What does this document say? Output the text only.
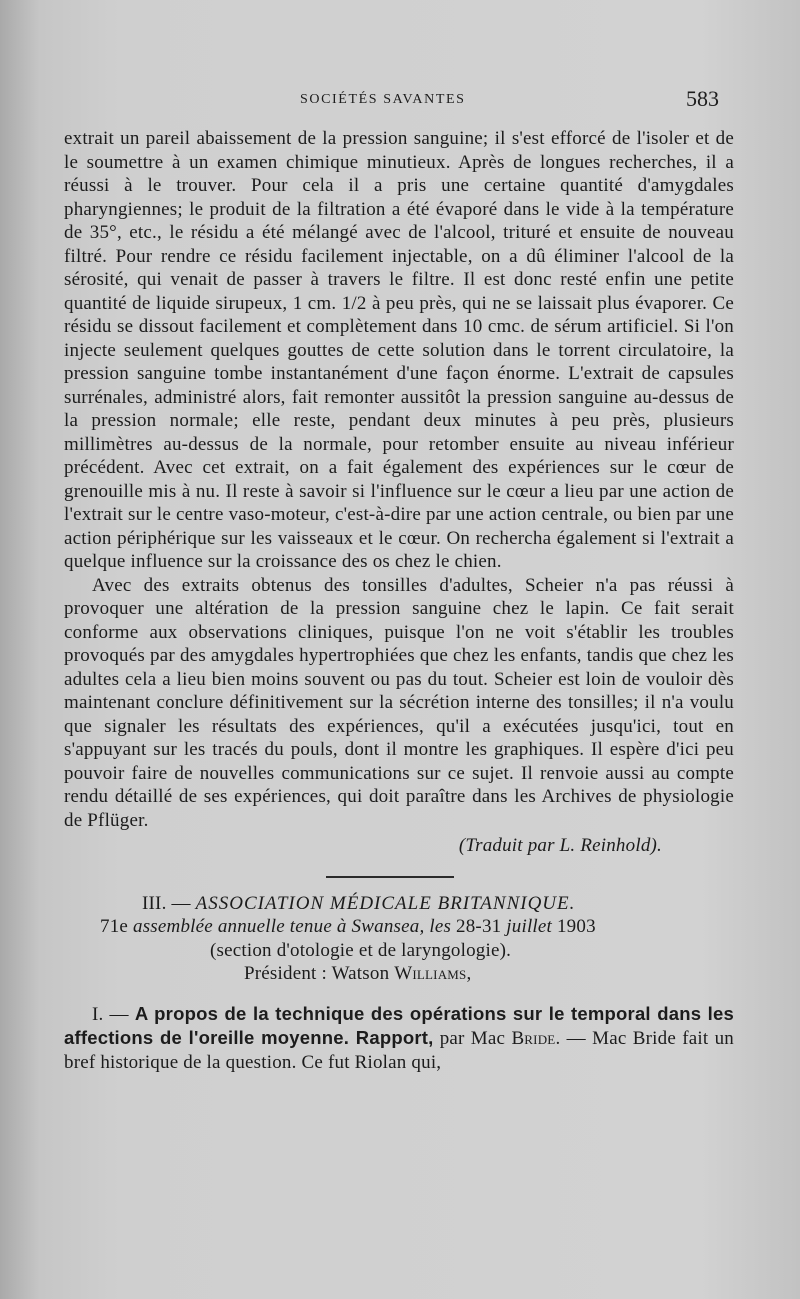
SOCIÉTÉS SAVANTES	583

extrait un pareil abaissement de la pression sanguine; il s'est efforcé de l'isoler et de le soumettre à un examen chimique minutieux. Après de longues recherches, il a réussi à le trouver. Pour cela il a pris une certaine quantité d'amygdales pharyngiennes; le produit de la filtration a été évaporé dans le vide à la température de 35°, etc., le résidu a été mélangé avec de l'alcool, trituré et ensuite de nouveau filtré. Pour rendre ce résidu facilement injectable, on a dû éliminer l'alcool de la sérosité, qui venait de passer à travers le filtre. Il est donc resté enfin une petite quantité de liquide sirupeux, 1 cm. 1/2 à peu près, qui ne se laissait plus évaporer. Ce résidu se dissout facilement et complètement dans 10 cmc. de sérum artificiel. Si l'on injecte seulement quelques gouttes de cette solution dans le torrent circulatoire, la pression sanguine tombe instantanément d'une façon énorme. L'extrait de capsules surrénales, administré alors, fait remonter aussitôt la pression sanguine au-dessus de la pression normale; elle reste, pendant deux minutes à peu près, plusieurs millimètres au-dessus de la normale, pour retomber ensuite au niveau inférieur précédent. Avec cet extrait, on a fait également des expériences sur le cœur de grenouille mis à nu. Il reste à savoir si l'influence sur le cœur a lieu par une action de l'extrait sur le centre vaso-moteur, c'est-à-dire par une action centrale, ou bien par une action périphérique sur les vaisseaux et le cœur. On rechercha également si l'extrait a quelque influence sur la croissance des os chez le chien.

Avec des extraits obtenus des tonsilles d'adultes, Scheier n'a pas réussi à provoquer une altération de la pression sanguine chez le lapin. Ce fait serait conforme aux observations cliniques, puisque l'on ne voit s'établir les troubles provoqués par des amygdales hypertrophiées que chez les enfants, tandis que chez les adultes cela a lieu bien moins souvent ou pas du tout. Scheier est loin de vouloir dès maintenant conclure définitivement sur la sécrétion interne des tonsilles; il n'a voulu que signaler les résultats des expériences, qu'il a exécutées jusqu'ici, tout en s'appuyant sur les tracés du pouls, dont il montre les graphiques. Il espère d'ici peu pouvoir faire de nouvelles communications sur ce sujet. Il renvoie aussi au compte rendu détaillé de ses expériences, qui doit paraître dans les Archives de physiologie de Pflüger.

(Traduit par L. Reinhold).

III. — ASSOCIATION MÉDICALE BRITANNIQUE.

71e assemblée annuelle tenue à Swansea, les 28-31 juillet 1903

(section d'otologie et de laryngologie).

Président : Watson Williams,

I. — A propos de la technique des opérations sur le temporal dans les affections de l'oreille moyenne. Rapport, par Mac Bride. — Mac Bride fait un bref historique de la question. Ce fut Riolan qui,
